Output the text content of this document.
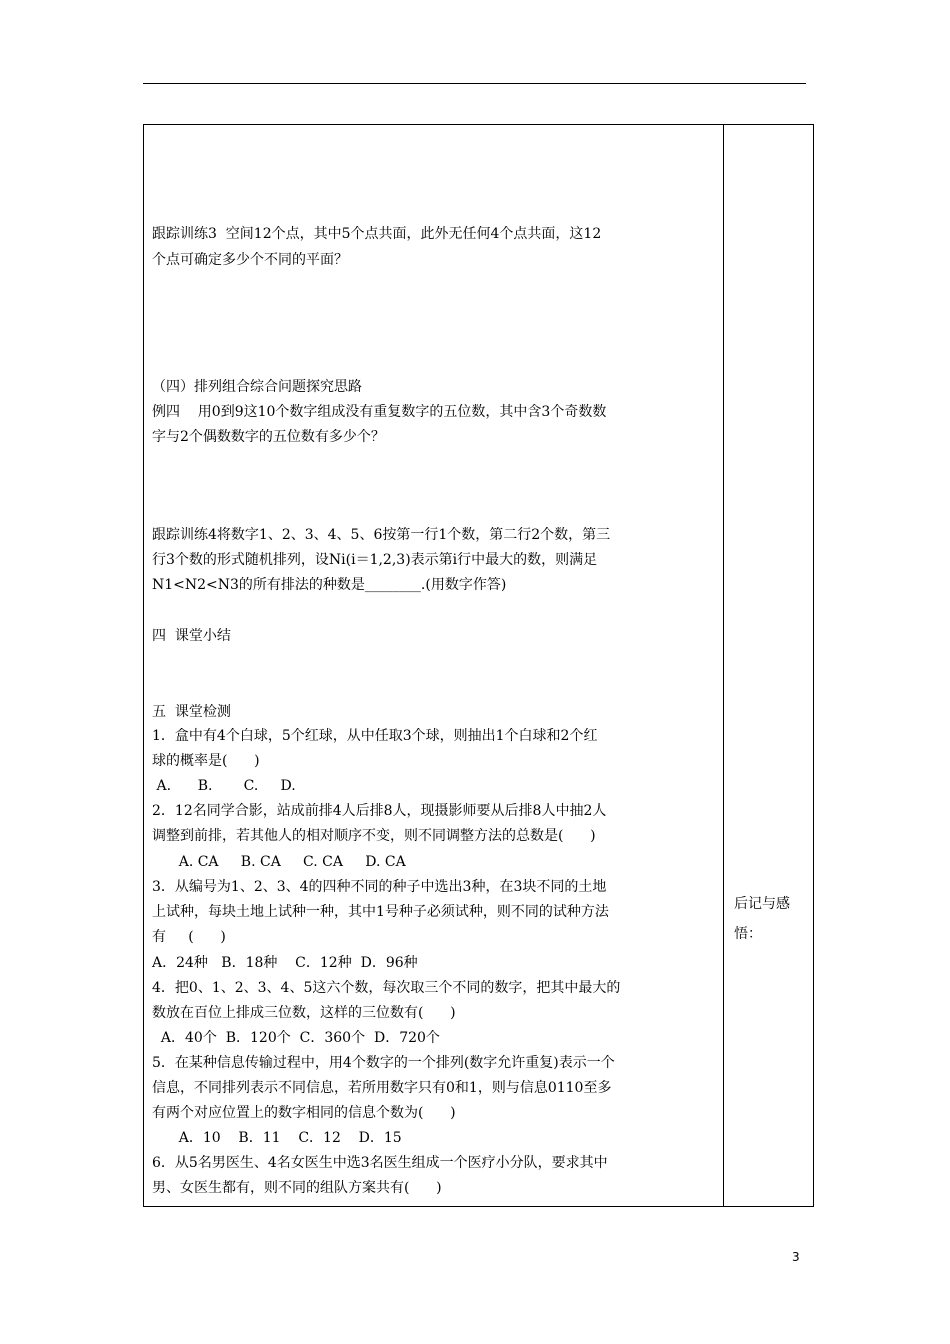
跟踪训练3  空间12个点，其中5个点共面，此外无任何4个点共面，这12

个点可确定多少个不同的平面？

（四）排列组合综合问题探究思路

例四    用0到9这10个数字组成没有重复数字的五位数，其中含3个奇数数

字与2个偶数数字的五位数有多少个？

跟踪训练4将数字1、2、3、4、5、6按第一行1个数，第二行2个数，第三

行3个数的形式随机排列，设Ni(i＝1,2,3)表示第i行中最大的数，则满足

N1<N2<N3的所有排法的种数是________.(用数字作答)

四  课堂小结

五  课堂检测

1．盒中有4个白球，5个红球，从中任取3个球，则抽出1个白球和2个红

球的概率是(      )

A.      B.       C.     D.

2．12名同学合影，站成前排4人后排8人，现摄影师要从后排8人中抽2人

调整到前排，若其他人的相对顺序不变，则不同调整方法的总数是(      )

A. CA     B. CA     C. CA     D. CA

3．从编号为1、2、3、4的四种不同的种子中选出3种，在3块不同的土地

上试种，每块土地上试种一种，其中1号种子必须试种，则不同的试种方法

有     (      )

A．24种   B．18种    C．12种  D．96种

4．把0、1、2、3、4、5这六个数，每次取三个不同的数字，把其中最大的

数放在百位上排成三位数，这样的三位数有(      )

A．40个  B．120个  C．360个  D．720个

5．在某种信息传输过程中，用4个数字的一个排列(数字允许重复)表示一个

信息，不同排列表示不同信息，若所用数字只有0和1，则与信息0110至多

有两个对应位置上的数字相同的信息个数为(      )

A．10    B．11    C．12    D．15

6．从5名男医生、4名女医生中选3名医生组成一个医疗小分队，要求其中

男、女医生都有，则不同的组队方案共有(      )

后记与感

悟：

3
